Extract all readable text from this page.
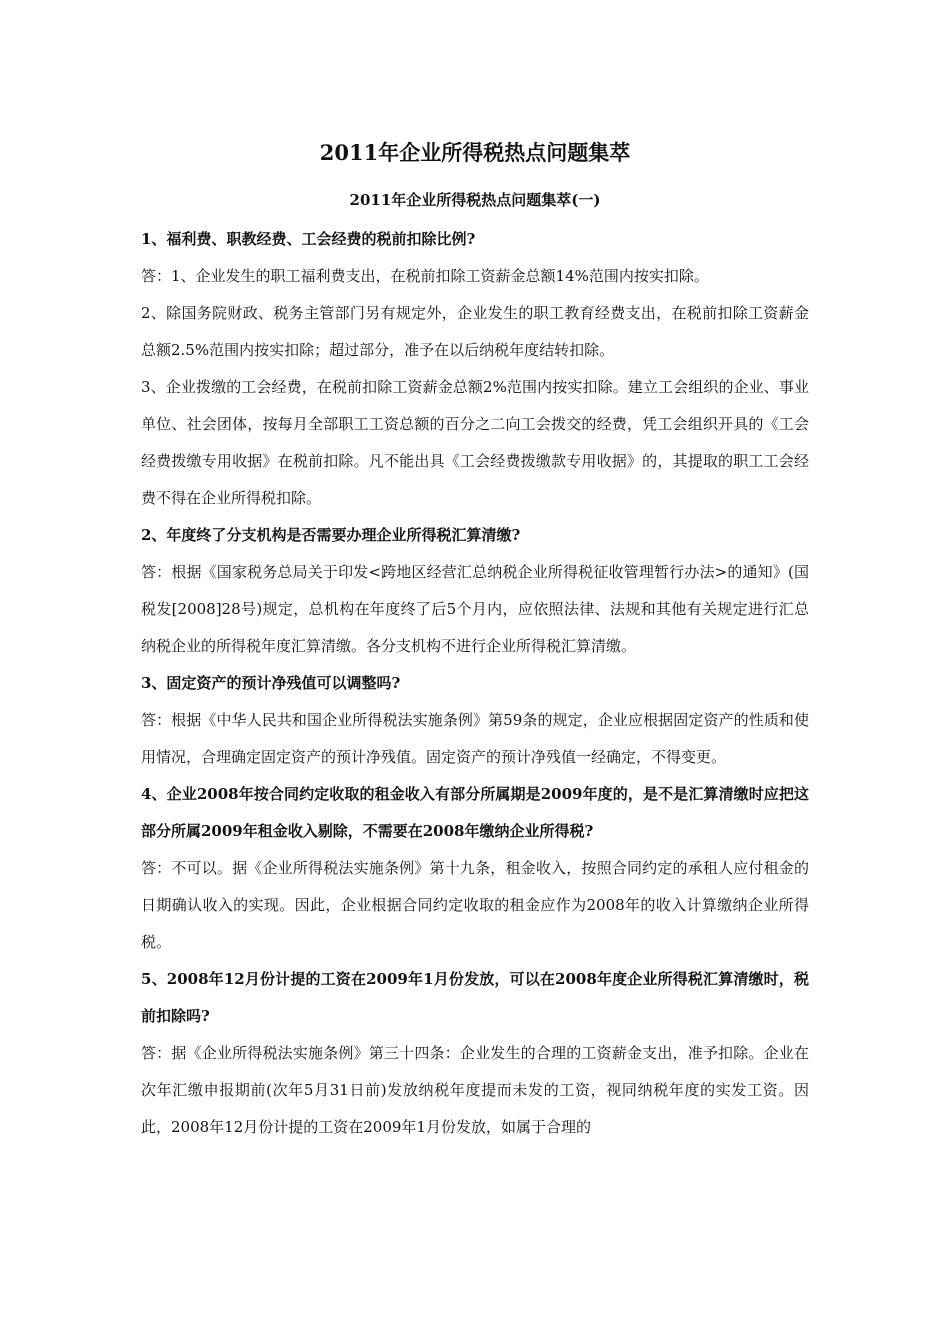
2011年企业所得税热点问题集萃
2011年企业所得税热点问题集萃(一)

1、福利费、职教经费、工会经费的税前扣除比例?

答：1、企业发生的职工福利费支出，在税前扣除工资薪金总额14%范围内按实扣除。

2、除国务院财政、税务主管部门另有规定外，企业发生的职工教育经费支出，在税前扣除工资薪金总额2.5%范围内按实扣除；超过部分，准予在以后纳税年度结转扣除。

3、企业拨缴的工会经费，在税前扣除工资薪金总额2%范围内按实扣除。建立工会组织的企业、事业单位、社会团体，按每月全部职工工资总额的百分之二向工会拨交的经费，凭工会组织开具的《工会经费拨缴专用收据》在税前扣除。凡不能出具《工会经费拨缴款专用收据》的，其提取的职工工会经费不得在企业所得税扣除。

2、年度终了分支机构是否需要办理企业所得税汇算清缴?

答：根据《国家税务总局关于印发<跨地区经营汇总纳税企业所得税征收管理暂行办法>的通知》(国税发[2008]28号)规定，总机构在年度终了后5个月内，应依照法律、法规和其他有关规定进行汇总纳税企业的所得税年度汇算清缴。各分支机构不进行企业所得税汇算清缴。

3、固定资产的预计净残值可以调整吗?

答：根据《中华人民共和国企业所得税法实施条例》第59条的规定，企业应根据固定资产的性质和使用情况，合理确定固定资产的预计净残值。固定资产的预计净残值一经确定，不得变更。

4、企业2008年按合同约定收取的租金收入有部分所属期是2009年度的，是不是汇算清缴时应把这部分所属2009年租金收入剔除，不需要在2008年缴纳企业所得税?

答：不可以。据《企业所得税法实施条例》第十九条，租金收入，按照合同约定的承租人应付租金的日期确认收入的实现。因此，企业根据合同约定收取的租金应作为2008年的收入计算缴纳企业所得税。

5、2008年12月份计提的工资在2009年1月份发放，可以在2008年度企业所得税汇算清缴时，税前扣除吗?

答：据《企业所得税法实施条例》第三十四条：企业发生的合理的工资薪金支出，准予扣除。企业在次年汇缴申报期前(次年5月31日前)发放纳税年度提而未发的工资，视同纳税年度的实发工资。因此，2008年12月份计提的工资在2009年1月份发放，如属于合理的
